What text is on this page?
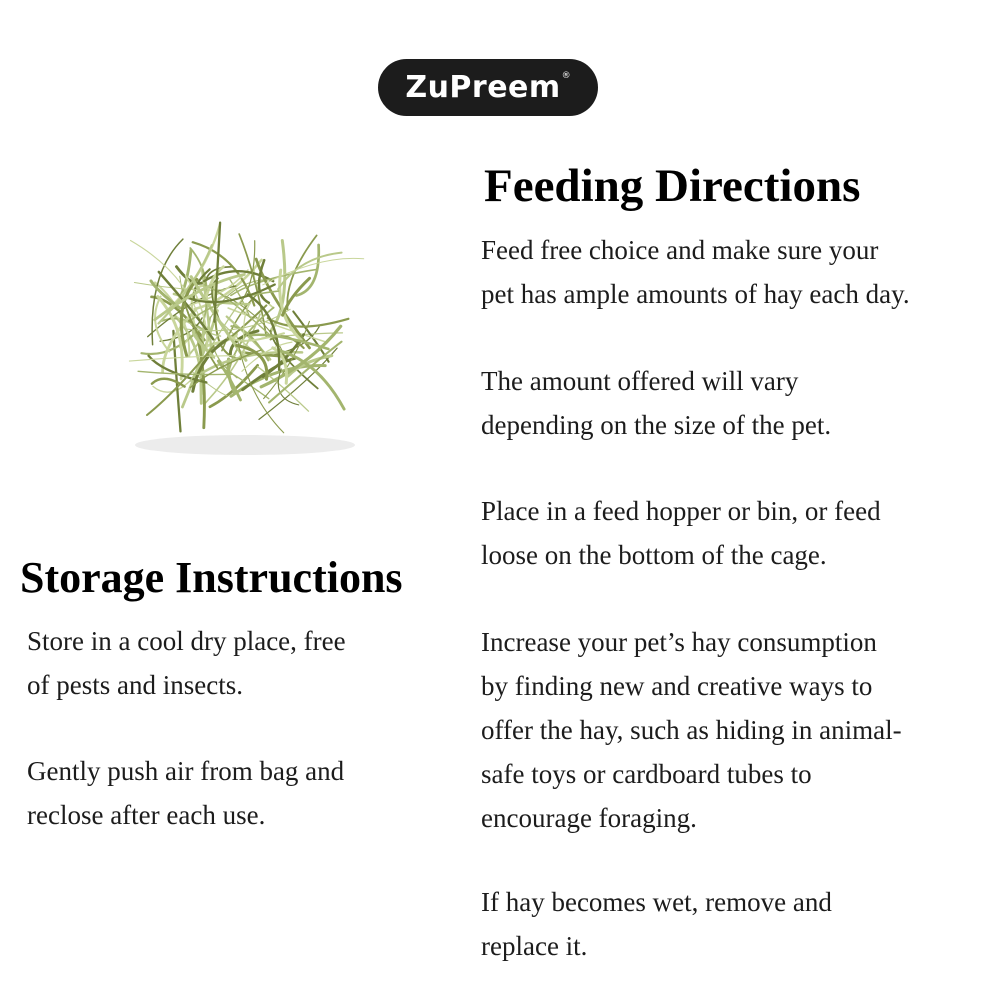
ZuPreem ®
Feeding Directions

Feed free choice and make sure your
pet has ample amounts of hay each day.

The amount offered will vary
depending on the size of the pet.

Place in a feed hopper or bin, or feed
loose on the bottom of the cage.

Increase your pet’s hay consumption
by finding new and creative ways to
offer the hay, such as hiding in animal-
safe toys or cardboard tubes to
encourage foraging.

If hay becomes wet, remove and
replace it.

Storage Instructions

Store in a cool dry place, free
of pests and insects.

Gently push air from bag and
reclose after each use.
